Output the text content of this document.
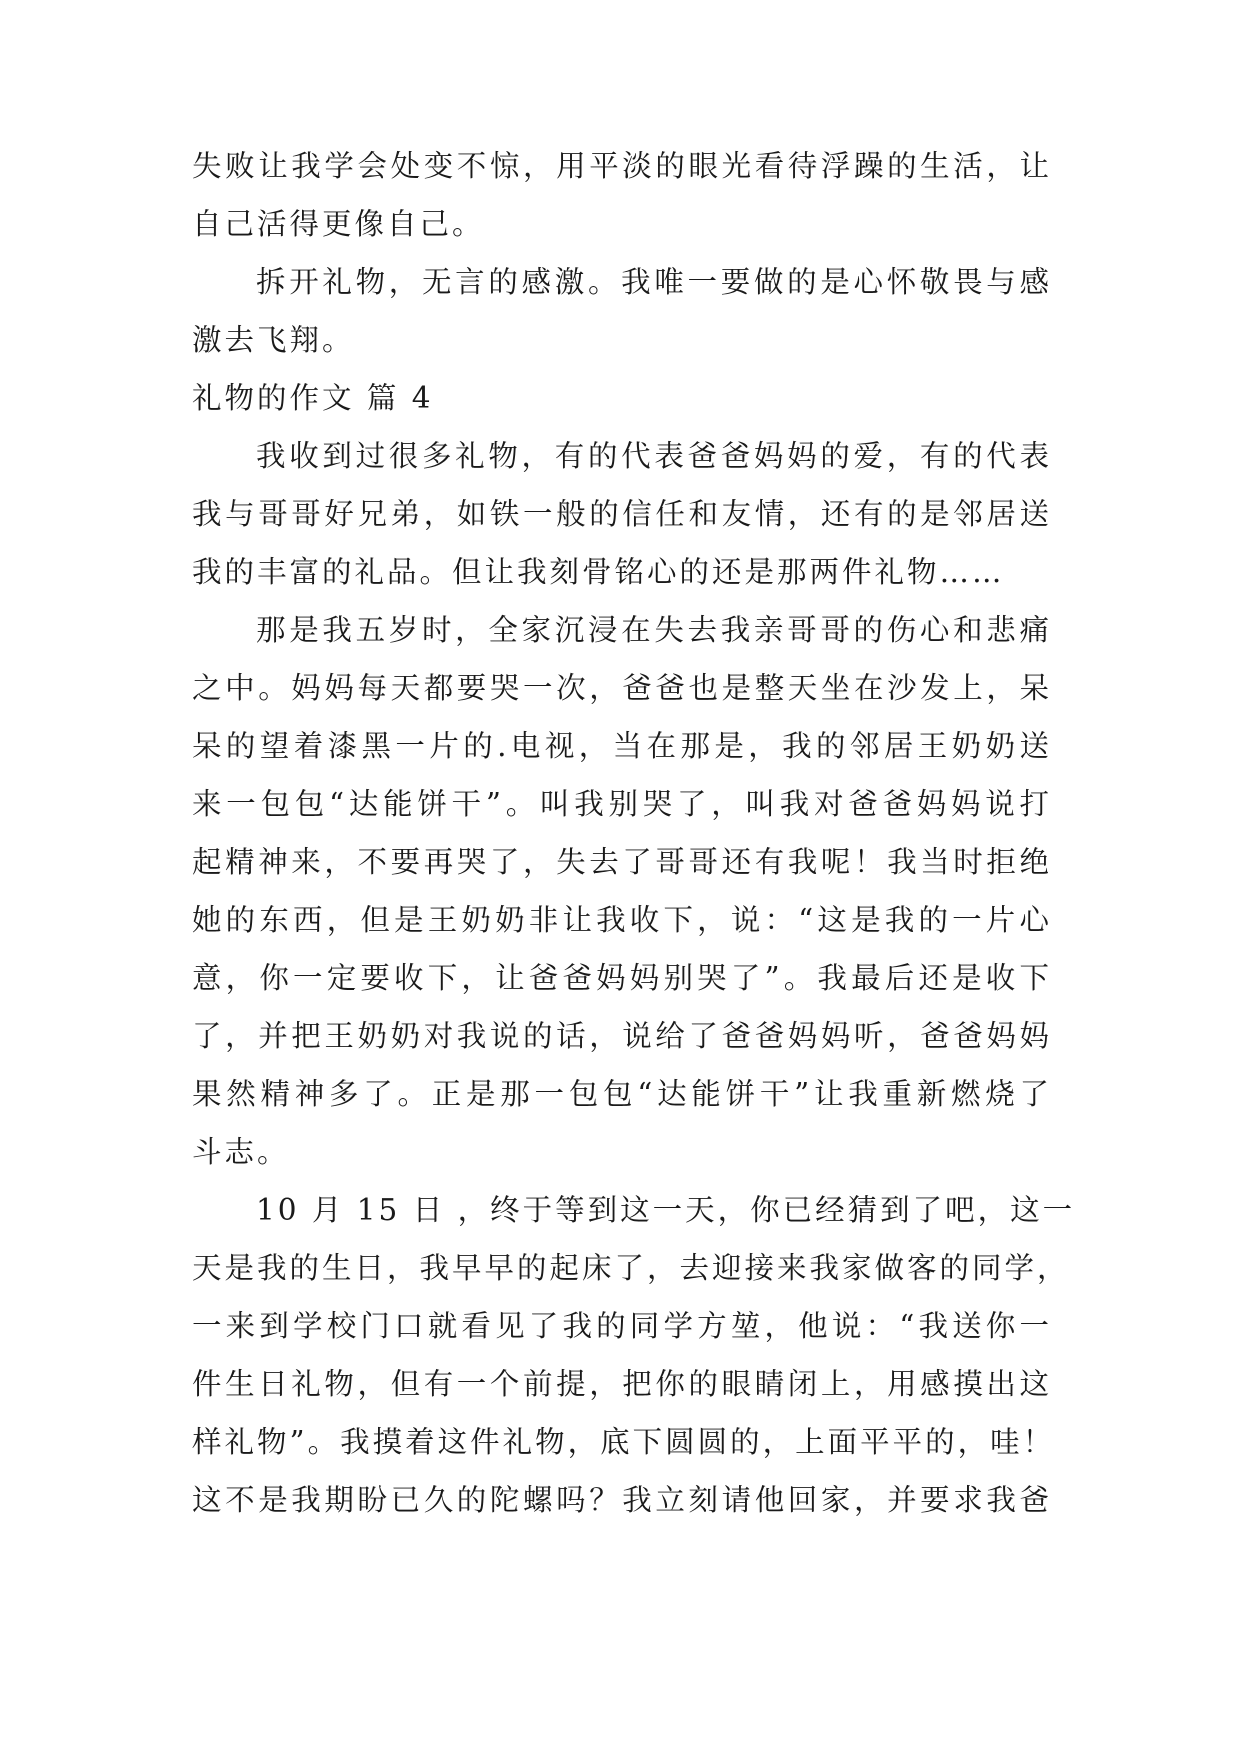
失败让我学会处变不惊，用平淡的眼光看待浮躁的生活，让
自己活得更像自己。
拆开礼物，无言的感激。我唯一要做的是心怀敬畏与感
激去飞翔。
礼物的作文 篇 4
我收到过很多礼物，有的代表爸爸妈妈的爱，有的代表
我与哥哥好兄弟，如铁一般的信任和友情，还有的是邻居送
我的丰富的礼品。但让我刻骨铭心的还是那两件礼物……
那是我五岁时，全家沉浸在失去我亲哥哥的伤心和悲痛
之中。妈妈每天都要哭一次，爸爸也是整天坐在沙发上，呆
呆的望着漆黑一片的.电视，当在那是，我的邻居王奶奶送
来一包包“达能饼干”。叫我别哭了，叫我对爸爸妈妈说打
起精神来，不要再哭了，失去了哥哥还有我呢！我当时拒绝
她的东西，但是王奶奶非让我收下，说：“这是我的一片心
意，你一定要收下，让爸爸妈妈别哭了”。我最后还是收下
了，并把王奶奶对我说的话，说给了爸爸妈妈听，爸爸妈妈
果然精神多了。正是那一包包“达能饼干”让我重新燃烧了
斗志。
10 月 15 日 ，终于等到这一天，你已经猜到了吧，这一
天是我的生日，我早早的起床了，去迎接来我家做客的同学，
一来到学校门口就看见了我的同学方堃，他说：“我送你一
件生日礼物，但有一个前提，把你的眼睛闭上，用感摸出这
样礼物”。我摸着这件礼物，底下圆圆的，上面平平的，哇！
这不是我期盼已久的陀螺吗？我立刻请他回家，并要求我爸
